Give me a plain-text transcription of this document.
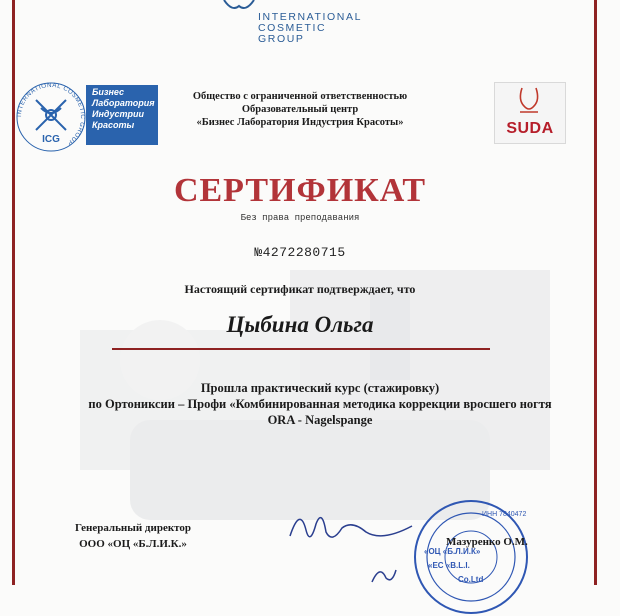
INTERNATIONAL
COSMETIC
GROUP
INTERNATIONAL COSMETIC GROUP
ICG
Бизнес
Лаборатория
Индустрии
Красоты
Общество с ограниченной ответственностью
Образовательный центр
«Бизнес Лаборатория Индустрия Красоты»	SUDA
СЕРТИФИКАТ
Без права преподавания
№4272280715
Настоящий сертификат подтверждает, что
Цыбина Ольга
Прошла практический курс (стажировку)
по Ортониксии – Профи «Комбинированная методика коррекции вросшего ногтя
ORA - Nagelspange
Генеральный директор
ООО «ОЦ «Б.Л.И.К.»
ИНН 7840472
«ОЦ «Б.Л.И.К»
«EC «B.L.I.
Co.Ltd
Мазуренко О.М.
